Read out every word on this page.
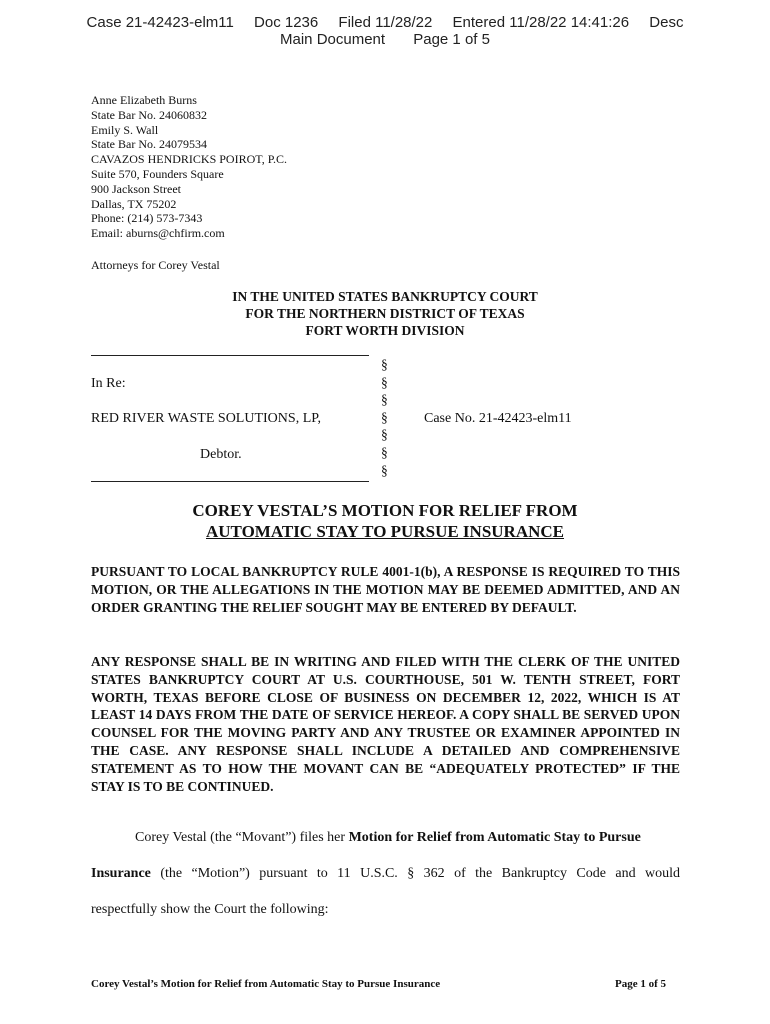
Case 21-42423-elm11 Doc 1236 Filed 11/28/22 Entered 11/28/22 14:41:26 Desc
Main Document Page 1 of 5
Anne Elizabeth Burns
State Bar No. 24060832
Emily S. Wall
State Bar No. 24079534
CAVAZOS HENDRICKS POIROT, P.C.
Suite 570, Founders Square
900 Jackson Street
Dallas, TX 75202
Phone: (214) 573-7343
Email: aburns@chfirm.com
Attorneys for Corey Vestal
IN THE UNITED STATES BANKRUPTCY COURT
FOR THE NORTHERN DISTRICT OF TEXAS
FORT WORTH DIVISION
§
§
§
§
§
§
§
In Re:
RED RIVER WASTE SOLUTIONS, LP,
Debtor.
Case No. 21-42423-elm11
COREY VESTAL’S MOTION FOR RELIEF FROM
AUTOMATIC STAY TO PURSUE INSURANCE
PURSUANT TO LOCAL BANKRUPTCY RULE 4001-1(b), A RESPONSE IS REQUIRED TO THIS MOTION, OR THE ALLEGATIONS IN THE MOTION MAY BE DEEMED ADMITTED, AND AN ORDER GRANTING THE RELIEF SOUGHT MAY BE ENTERED BY DEFAULT.
ANY RESPONSE SHALL BE IN WRITING AND FILED WITH THE CLERK OF THE UNITED STATES BANKRUPTCY COURT AT U.S. COURTHOUSE, 501 W. TENTH STREET, FORT WORTH, TEXAS BEFORE CLOSE OF BUSINESS ON DECEMBER 12, 2022, WHICH IS AT LEAST 14 DAYS FROM THE DATE OF SERVICE HEREOF. A COPY SHALL BE SERVED UPON COUNSEL FOR THE MOVING PARTY AND ANY TRUSTEE OR EXAMINER APPOINTED IN THE CASE. ANY RESPONSE SHALL INCLUDE A DETAILED AND COMPREHENSIVE STATEMENT AS TO HOW THE MOVANT CAN BE “ADEQUATELY PROTECTED” IF THE STAY IS TO BE CONTINUED.
Corey Vestal (the “Movant”) files her Motion for Relief from Automatic Stay to Pursue
Insurance (the “Motion”) pursuant to 11 U.S.C. § 362 of the Bankruptcy Code and would
respectfully show the Court the following:
Corey Vestal’s Motion for Relief from Automatic Stay to Pursue Insurance	Page 1 of 5
